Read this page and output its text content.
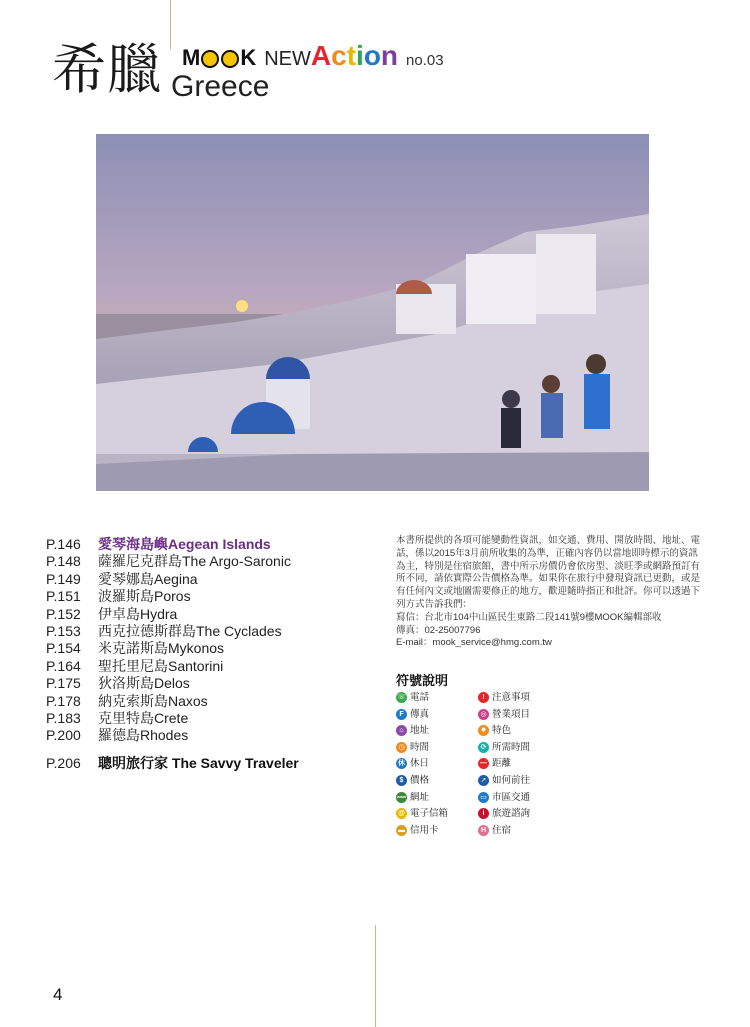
希臘 Greece
M K NEW A c t i o n no.03
P.146	愛琴海島嶼Aegean Islands
P.148	薩羅尼克群島The Argo-Saronic
P.149	愛琴娜島Aegina
P.151	波羅斯島Poros
P.152	伊卓島Hydra
P.153	西克拉德斯群島The Cyclades
P.154	米克諾斯島Mykonos
P.164	聖托里尼島Santorini
P.175	狄洛斯島Delos
P.178	納克索斯島Naxos
P.183	克里特島Crete
P.200	羅德島Rhodes
P.206	聰明旅行家 The Savvy Traveler

本書所提供的各項可能變動性資訊，如交通、費用、開放時間、地址、電話，係以2015年3月前所收集的為準，正確內容仍以當地即時標示的資訊為主，特別是住宿旅館，書中所示房價仍會依房型、淡旺季或網路預訂有所不同，請依實際公告價格為準。如果你在旅行中發現資訊已更動，或是有任何內文或地圖需要修正的地方，歡迎隨時指正和批評。你可以透過下列方式告訴我們：

寫信：台北市104中山區民生東路二段141號9樓MOOK編輯部收

傳真：02-25007796

E-mail：mook_service@hmg.com.tw

符號說明
☏ 電話	! 注意事項
F 傳真	◎ 營業項目
⌂ 地址	✸ 特色
◷ 時間	⟳ 所需時間
休 休日	— 距離
$ 價格	➚ 如何前往
www 網址	▭ 市區交通
@ 電子信箱	i 旅遊諮詢
▬ 信用卡	H 住宿
4
